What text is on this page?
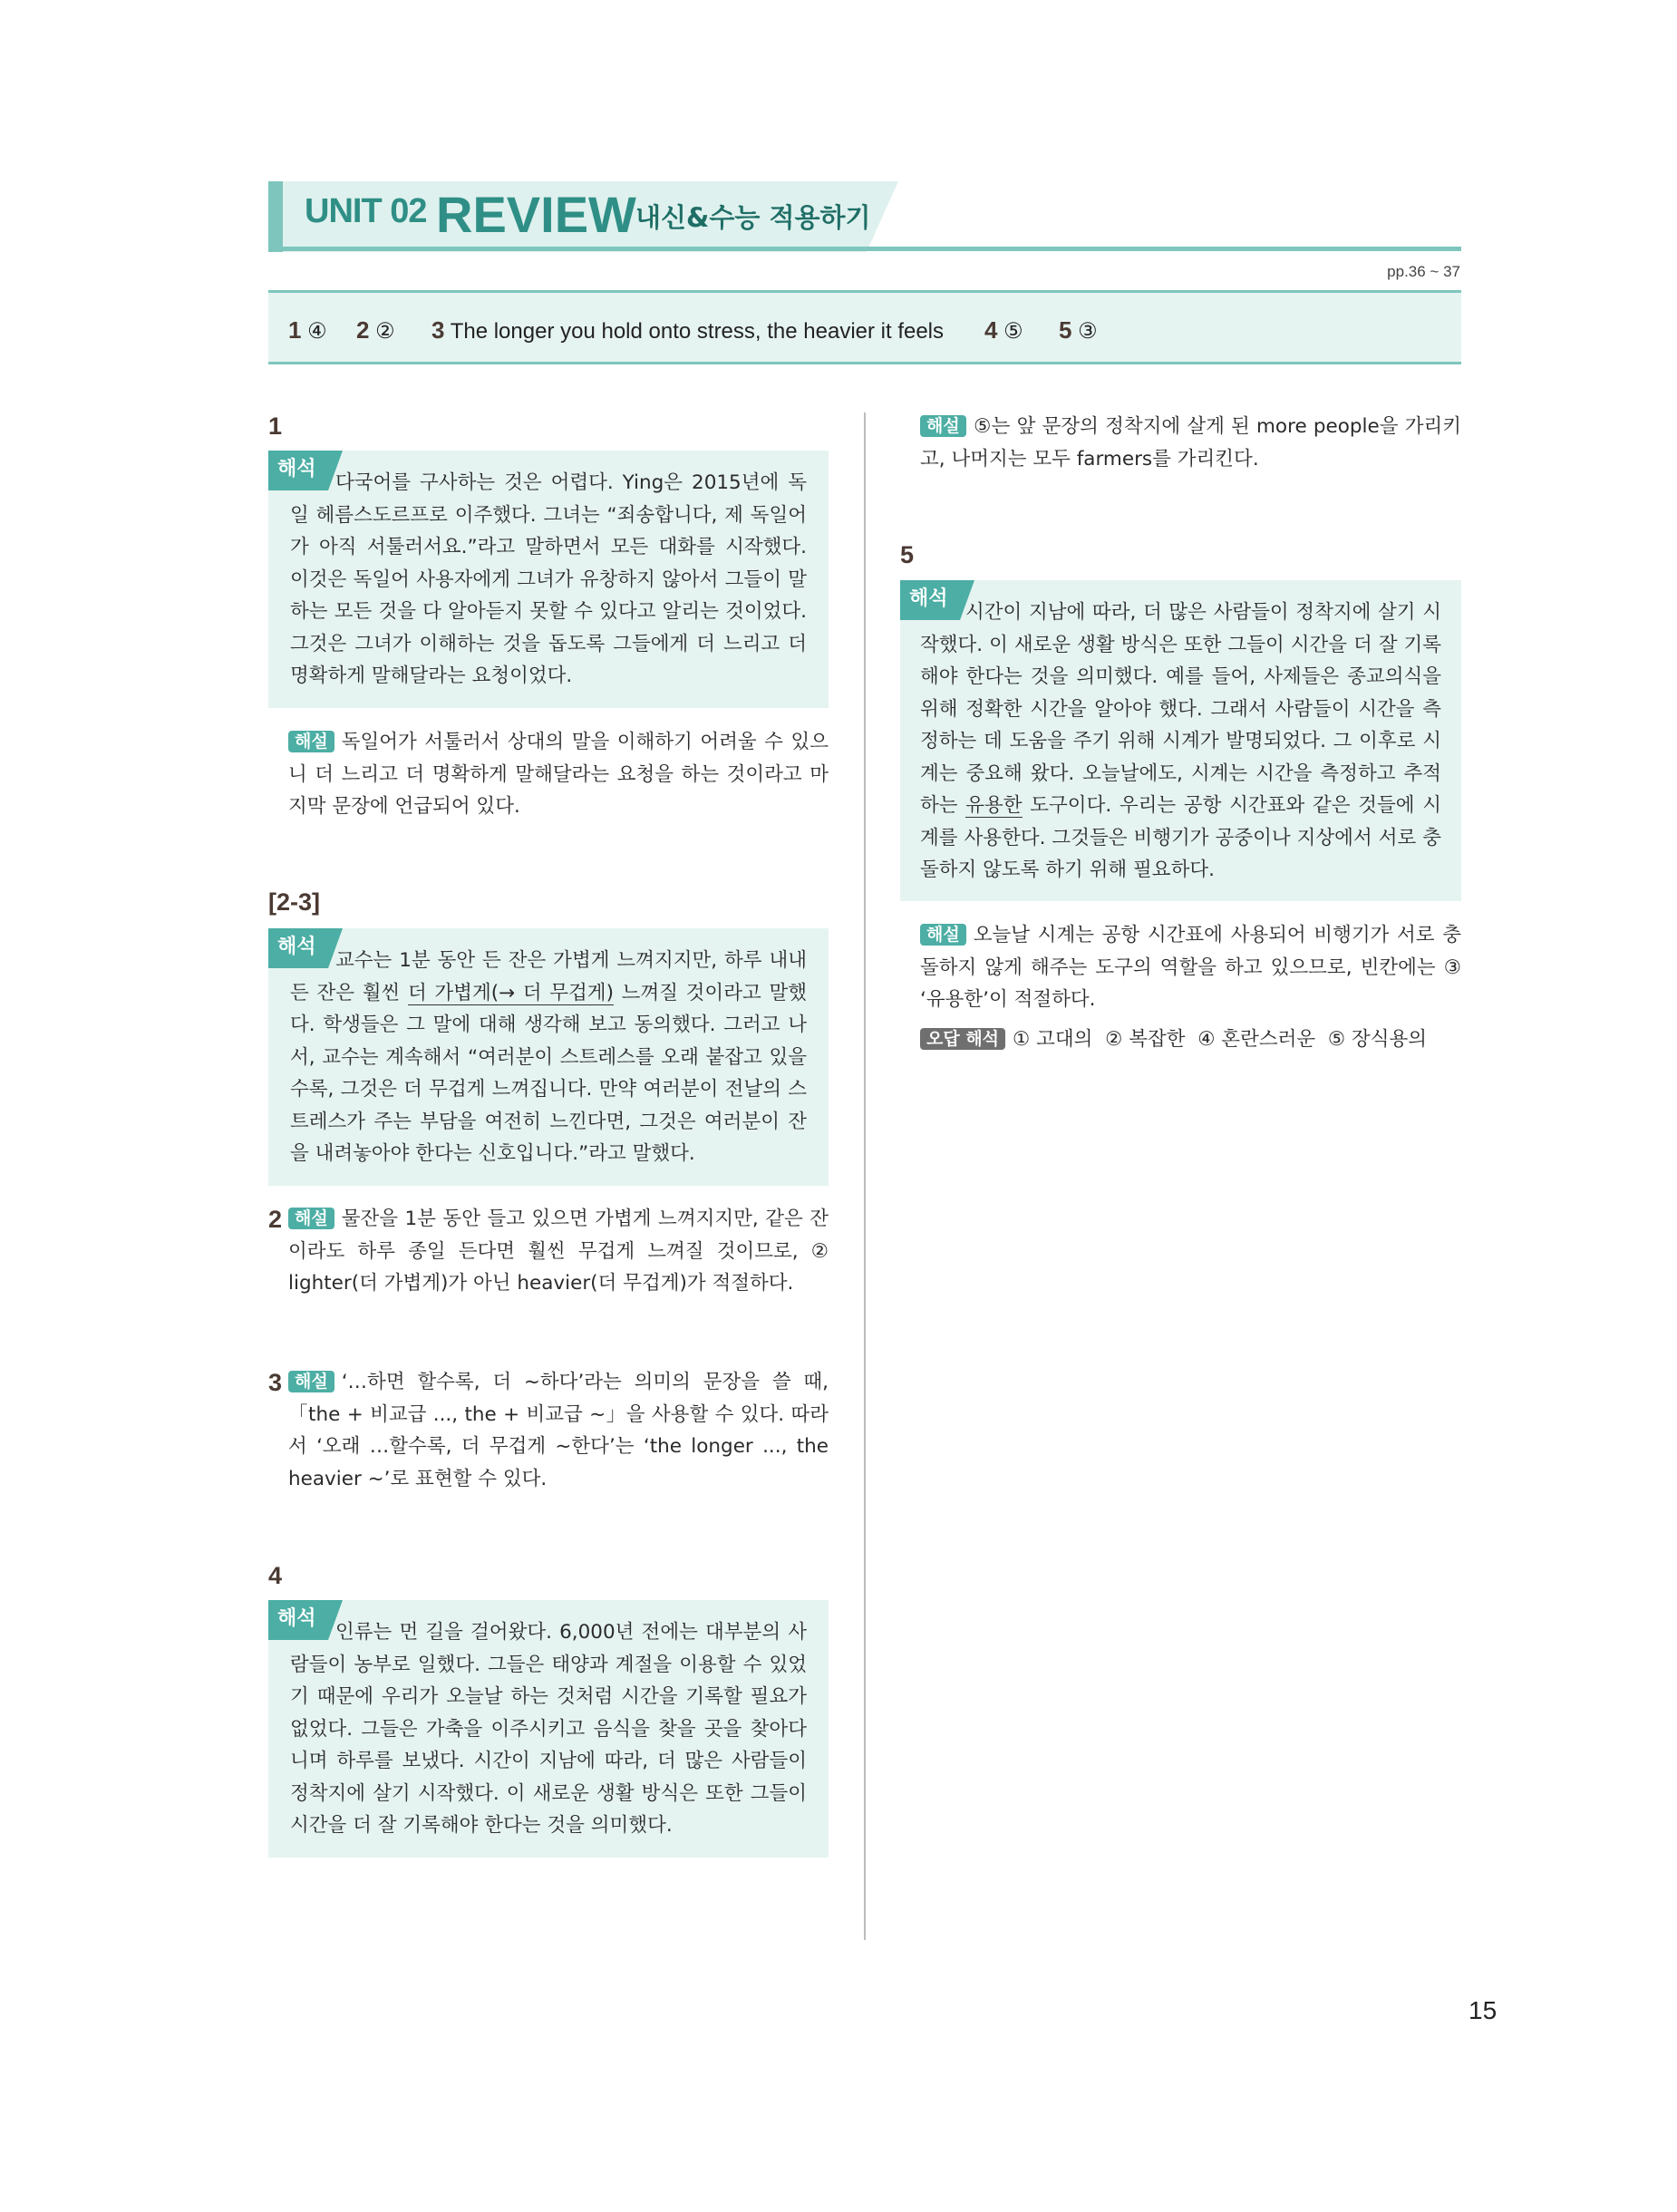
UNIT 02 REVIEW 내신&수능 적용하기
pp.36 ~ 37
1 ④ 2 ② 3 The longer you hold onto stress, the heavier it feels 4 ⑤ 5 ③
1
해석
다국어를 구사하는 것은 어렵다. Ying은 2015년에 독일 헤름스도르프로 이주했다. 그녀는 “죄송합니다, 제 독일어가 아직 서툴러서요.”라고 말하면서 모든 대화를 시작했다. 이것은 독일어 사용자에게 그녀가 유창하지 않아서 그들이 말하는 모든 것을 다 알아듣지 못할 수 있다고 알리는 것이었다. 그것은 그녀가 이해하는 것을 돕도록 그들에게 더 느리고 더 명확하게 말해달라는 요청이었다.
해설 독일어가 서툴러서 상대의 말을 이해하기 어려울 수 있으니 더 느리고 더 명확하게 말해달라는 요청을 하는 것이라고 마지막 문장에 언급되어 있다.
[2-3]
해석
교수는 1분 동안 든 잔은 가볍게 느껴지지만, 하루 내내 든 잔은 훨씬 더 가볍게(→ 더 무겁게) 느껴질 것이라고 말했다. 학생들은 그 말에 대해 생각해 보고 동의했다. 그러고 나서, 교수는 계속해서 “여러분이 스트레스를 오래 붙잡고 있을수록, 그것은 더 무겁게 느껴집니다. 만약 여러분이 전날의 스트레스가 주는 부담을 여전히 느낀다면, 그것은 여러분이 잔을 내려놓아야 한다는 신호입니다.”라고 말했다.
2 해설 물잔을 1분 동안 들고 있으면 가볍게 느껴지지만, 같은 잔이라도 하루 종일 든다면 훨씬 무겁게 느껴질 것이므로, ② lighter(더 가볍게)가 아닌 heavier(더 무겁게)가 적절하다.
3 해설 ‘…하면 할수록, 더 ~하다’라는 의미의 문장을 쓸 때, 「the + 비교급 ..., the + 비교급 ~」을 사용할 수 있다. 따라서 ‘오래 …할수록, 더 무겁게 ~한다’는 ‘the longer ..., the heavier ~’로 표현할 수 있다.
4
해석
인류는 먼 길을 걸어왔다. 6,000년 전에는 대부분의 사람들이 농부로 일했다. 그들은 태양과 계절을 이용할 수 있었기 때문에 우리가 오늘날 하는 것처럼 시간을 기록할 필요가 없었다. 그들은 가축을 이주시키고 음식을 찾을 곳을 찾아다니며 하루를 보냈다. 시간이 지남에 따라, 더 많은 사람들이 정착지에 살기 시작했다. 이 새로운 생활 방식은 또한 그들이 시간을 더 잘 기록해야 한다는 것을 의미했다.
해설 ⑤는 앞 문장의 정착지에 살게 된 more people을 가리키고, 나머지는 모두 farmers를 가리킨다.
5
해석
시간이 지남에 따라, 더 많은 사람들이 정착지에 살기 시작했다. 이 새로운 생활 방식은 또한 그들이 시간을 더 잘 기록해야 한다는 것을 의미했다. 예를 들어, 사제들은 종교의식을 위해 정확한 시간을 알아야 했다. 그래서 사람들이 시간을 측정하는 데 도움을 주기 위해 시계가 발명되었다. 그 이후로 시계는 중요해 왔다. 오늘날에도, 시계는 시간을 측정하고 추적하는 유용한 도구이다. 우리는 공항 시간표와 같은 것들에 시계를 사용한다. 그것들은 비행기가 공중이나 지상에서 서로 충돌하지 않도록 하기 위해 필요하다.
해설 오늘날 시계는 공항 시간표에 사용되어 비행기가 서로 충돌하지 않게 해주는 도구의 역할을 하고 있으므로, 빈칸에는 ③ ‘유용한’이 적절하다.
오답 해석 ① 고대의  ② 복잡한  ④ 혼란스러운  ⑤ 장식용의
15
